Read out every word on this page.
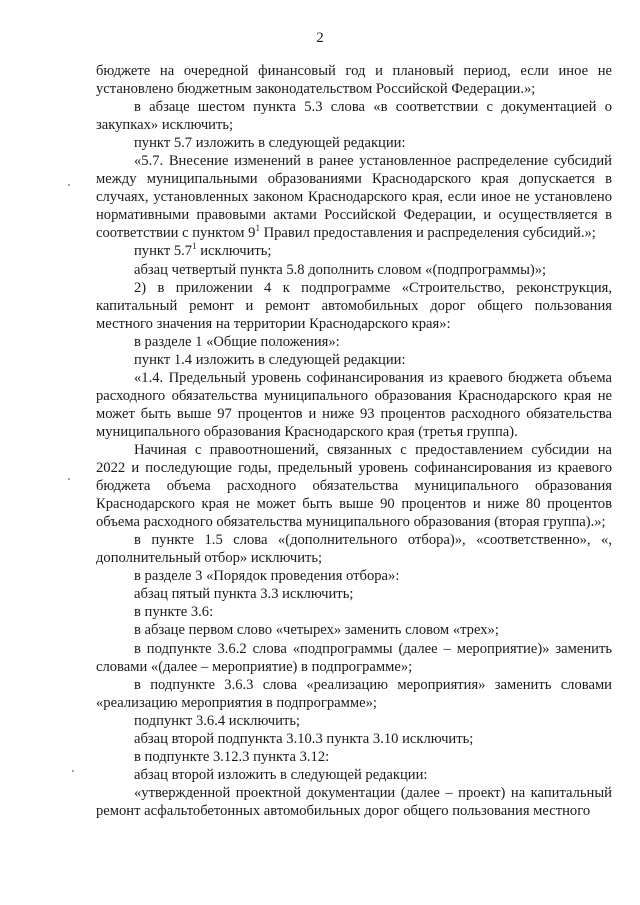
2

бюджете на очередной финансовый год и плановый период, если иное не установлено бюджетным законодательством Российской Федерации.»;

в абзаце шестом пункта 5.3 слова «в соответствии с документацией о закупках» исключить;

пункт 5.7 изложить в следующей редакции:

«5.7. Внесение изменений в ранее установленное распределение субсидий между муниципальными образованиями Краснодарского края допускается в случаях, установленных законом Краснодарского края, если иное не установлено нормативными правовыми актами Российской Федерации, и осуществляется в соответствии с пунктом $9^1$ Правил предоставления и распределения субсидий.»;

пункт $5.7^1$ исключить;

абзац четвертый пункта 5.8 дополнить словом «(подпрограммы)»;

2) в приложении 4 к подпрограмме «Строительство, реконструкция, капитальный ремонт и ремонт автомобильных дорог общего пользования местного значения на территории Краснодарского края»:

в разделе 1 «Общие положения»:

пункт 1.4 изложить в следующей редакции:

«1.4. Предельный уровень софинансирования из краевого бюджета объема расходного обязательства муниципального образования Краснодарского края не может быть выше 97 процентов и ниже 93 процентов расходного обязательства муниципального образования Краснодарского края (третья группа).

Начиная с правоотношений, связанных с предоставлением субсидии на 2022 и последующие годы, предельный уровень софинансирования из краевого бюджета объема расходного обязательства муниципального образования Краснодарского края не может быть выше 90 процентов и ниже 80 процентов объема расходного обязательства муниципального образования (вторая группа).»;

в пункте 1.5 слова «(дополнительного отбора)», «соответственно», «, дополнительный отбор» исключить;

в разделе 3 «Порядок проведения отбора»:

абзац пятый пункта 3.3 исключить;

в пункте 3.6:

в абзаце первом слово «четырех» заменить словом «трех»;

в подпункте 3.6.2 слова «подпрограммы (далее – мероприятие)» заменить словами «(далее – мероприятие) в подпрограмме»;

в подпункте 3.6.3 слова «реализацию мероприятия» заменить словами «реализацию мероприятия в подпрограмме»;

подпункт 3.6.4 исключить;

абзац второй подпункта 3.10.3 пункта 3.10 исключить;

в подпункте 3.12.3 пункта 3.12:

абзац второй изложить в следующей редакции:

«утвержденной проектной документации (далее – проект) на капитальный ремонт асфальтобетонных автомобильных дорог общего пользования местного
